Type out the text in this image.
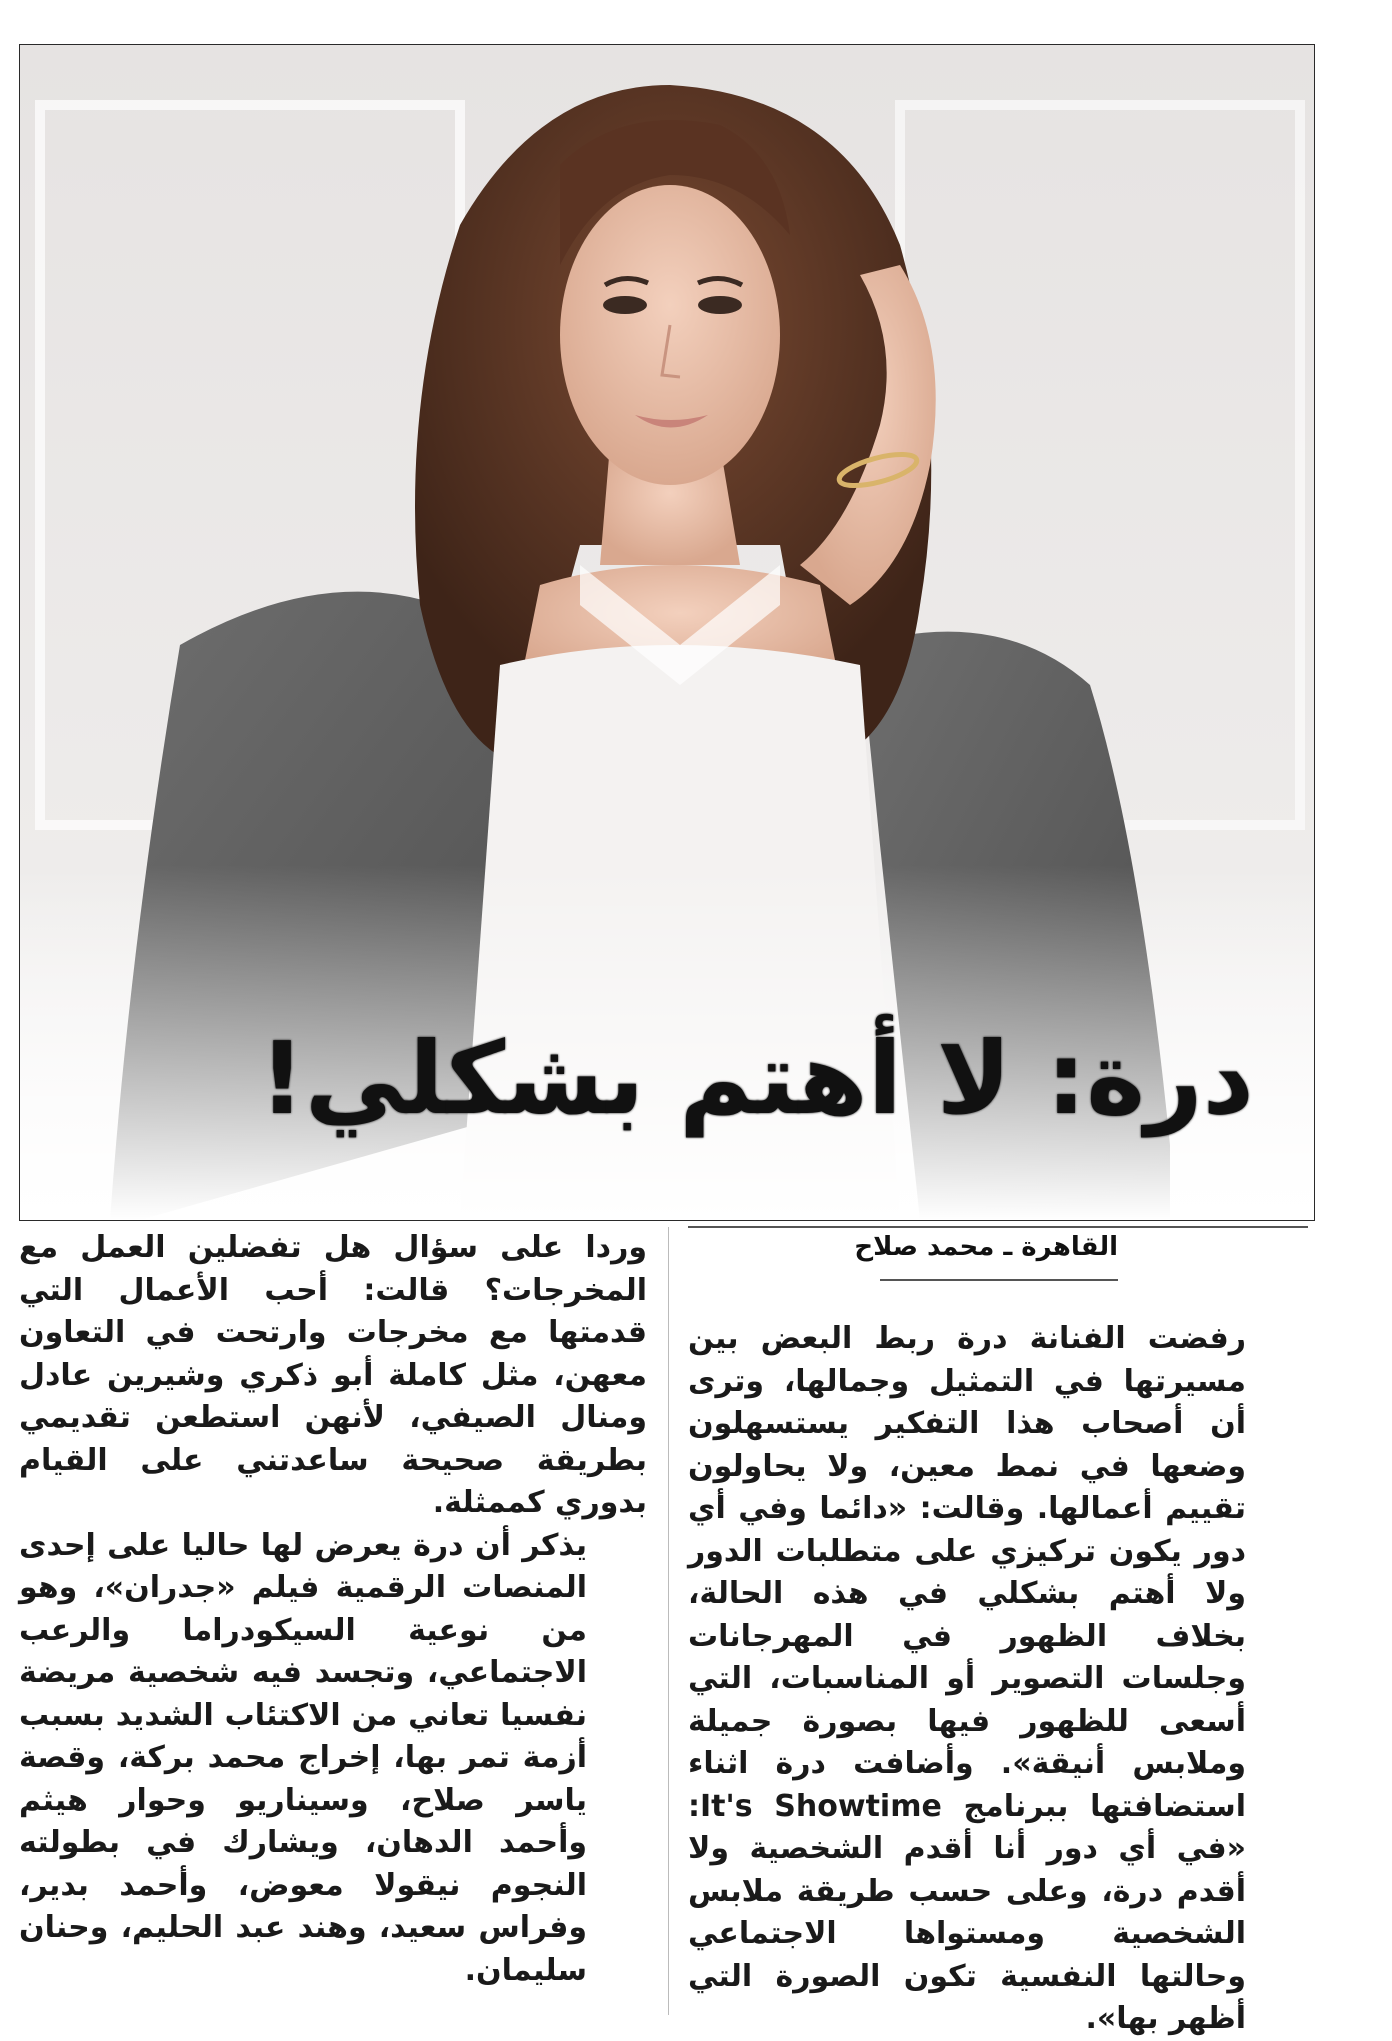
درة: لا أهتم بشكلي!
القاهرة ـ محمد صلاح

وردا على سؤال هل تفضلين العمل مع المخرجات؟ قالت: أحب الأعمال التي قدمتها مع مخرجات وارتحت في التعاون معهن، مثل كاملة أبو ذكري وشيرين عادل ومنال الصيفي، لأنهن استطعن تقديمي بطريقة صحيحة ساعدتني على القيام بدوري كممثلة.

يذكر أن درة يعرض لها حاليا على إحدى المنصات الرقمية فيلم «جدران»، وهو من نوعية السيكودراما والرعب الاجتماعي، وتجسد فيه شخصية مريضة نفسيا تعاني من الاكتئاب الشديد بسبب أزمة تمر بها، إخراج محمد بركة، وقصة ياسر صلاح، وسيناريو وحوار هيثم وأحمد الدهان، ويشارك في بطولته النجوم نيقولا معوض، وأحمد بدير، وفراس سعيد، وهند عبد الحليم، وحنان سليمان.

رفضت الفنانة درة ربط البعض بين مسيرتها في التمثيل وجمالها، وترى أن أصحاب هذا التفكير يستسهلون وضعها في نمط معين، ولا يحاولون تقييم أعمالها. وقالت: «دائما وفي أي دور يكون تركيزي على متطلبات الدور ولا أهتم بشكلي في هذه الحالة، بخلاف الظهور في المهرجانات وجلسات التصوير أو المناسبات، التي أسعى للظهور فيها بصورة جميلة وملابس أنيقة». وأضافت درة اثناء استضافتها ببرنامج It's Showtime: «في أي دور أنا أقدم الشخصية ولا أقدم درة، وعلى حسب طريقة ملابس الشخصية ومستواها الاجتماعي وحالتها النفسية تكون الصورة التي أظهر بها».
